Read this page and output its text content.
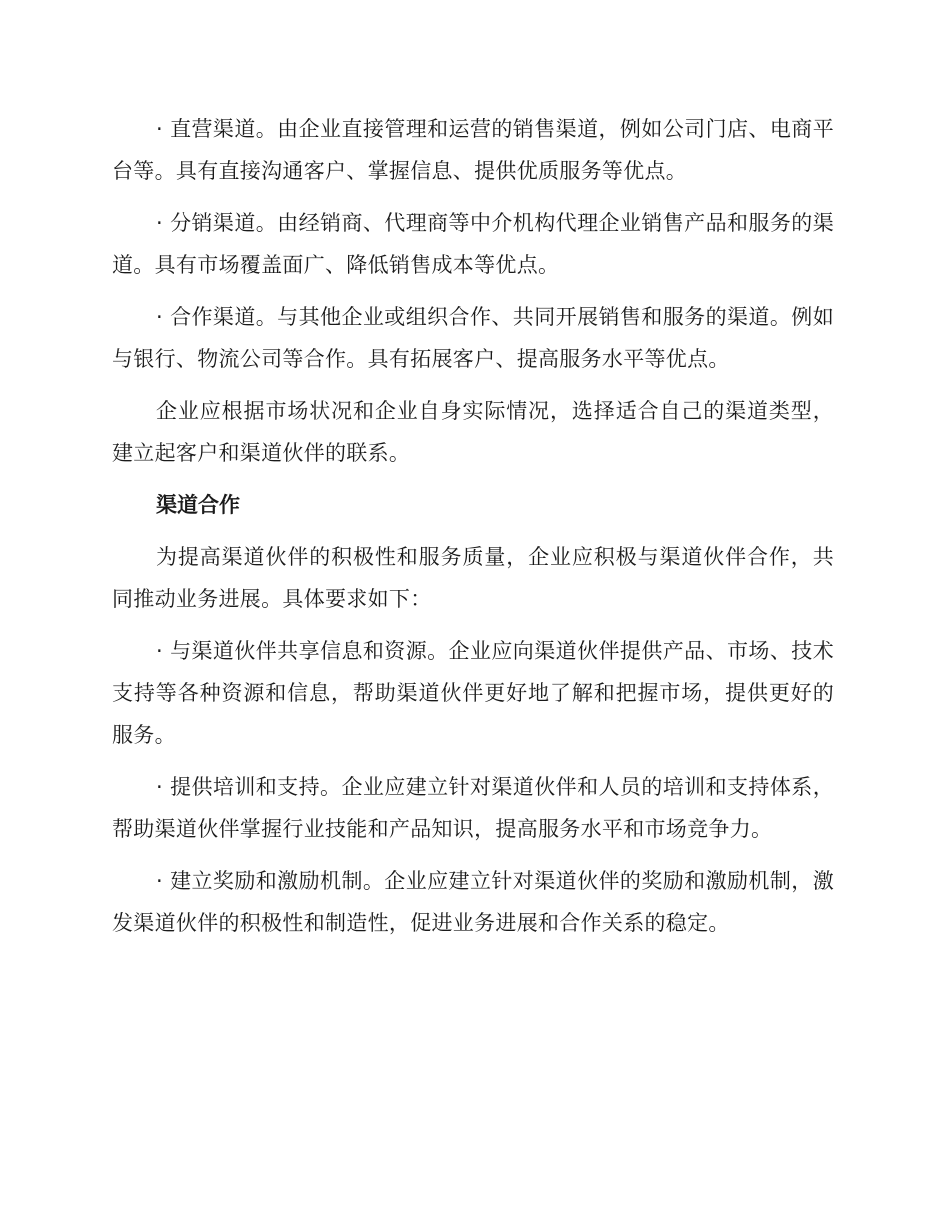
· 直营渠道。由企业直接管理和运营的销售渠道，例如公司门店、电商平台等。具有直接沟通客户、掌握信息、提供优质服务等优点。

· 分销渠道。由经销商、代理商等中介机构代理企业销售产品和服务的渠道。具有市场覆盖面广、降低销售成本等优点。

· 合作渠道。与其他企业或组织合作、共同开展销售和服务的渠道。例如与银行、物流公司等合作。具有拓展客户、提高服务水平等优点。

企业应根据市场状况和企业自身实际情况，选择适合自己的渠道类型，建立起客户和渠道伙伴的联系。

渠道合作

为提高渠道伙伴的积极性和服务质量，企业应积极与渠道伙伴合作，共同推动业务进展。具体要求如下：

· 与渠道伙伴共享信息和资源。企业应向渠道伙伴提供产品、市场、技术支持等各种资源和信息，帮助渠道伙伴更好地了解和把握市场，提供更好的服务。

· 提供培训和支持。企业应建立针对渠道伙伴和人员的培训和支持体系，帮助渠道伙伴掌握行业技能和产品知识，提高服务水平和市场竞争力。

· 建立奖励和激励机制。企业应建立针对渠道伙伴的奖励和激励机制，激发渠道伙伴的积极性和制造性，促进业务进展和合作关系的稳定。
